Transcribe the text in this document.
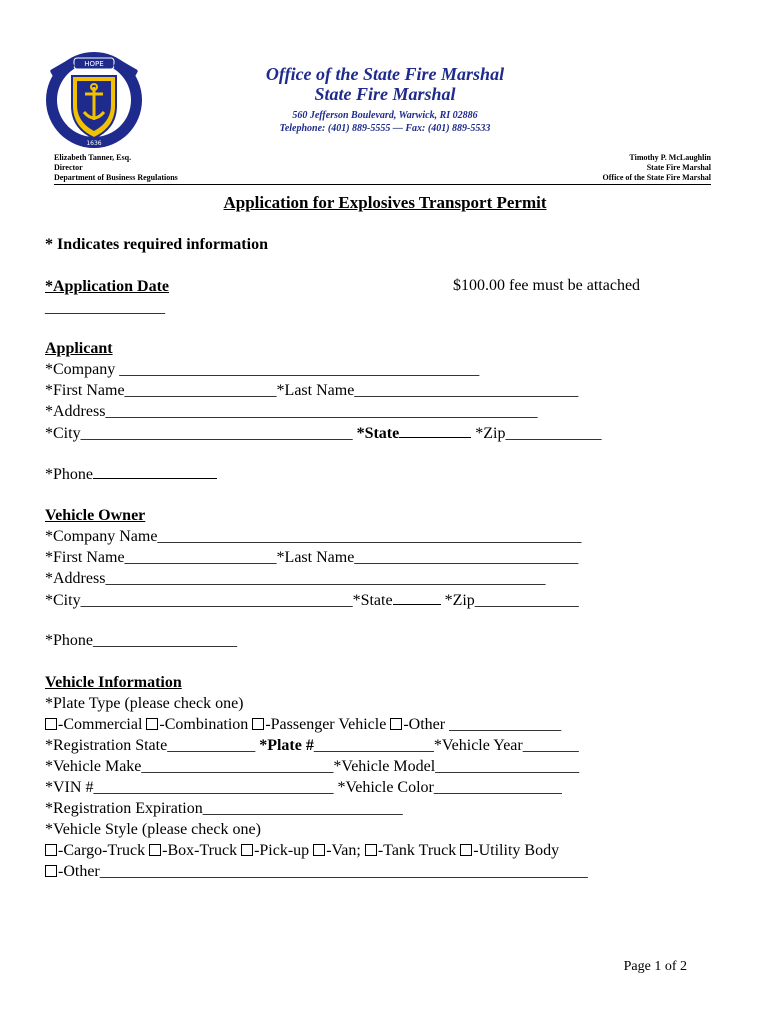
HOPE
1636
Office of the State Fire Marshal
State Fire Marshal
560 Jefferson Boulevard, Warwick, RI 02886
Telephone: (401) 889-5555 — Fax: (401) 889-5533
Elizabeth Tanner, Esq.
Director
Department of Business Regulations
Timothy P. McLaughlin
State Fire Marshal
Office of the State Fire Marshal
Application for Explosives Transport Permit
* Indicates required information
*Application Date	$100.00 fee must be attached
_______________
Applicant
*Company _____________________________________________
*First Name___________________*Last Name____________________________
*Address______________________________________________________
*City__________________________________ *State	*Zip____________
*Phone
Vehicle Owner
*Company Name_____________________________________________________
*First Name___________________*Last Name____________________________
*Address_______________________________________________________
*City__________________________________*State	*Zip_____________
*Phone__________________
Vehicle Information
*Plate Type (please check one)
-Commercial -Combination -Passenger Vehicle -Other ______________
*Registration State___________ *Plate #_______________*Vehicle Year_______
*Vehicle Make________________________*Vehicle Model__________________
*VIN #______________________________ *Vehicle Color________________
*Registration Expiration_________________________
*Vehicle Style (please check one)
-Cargo-Truck -Box-Truck -Pick-up -Van; -Tank Truck -Utility Body
-Other_____________________________________________________________
Page 1 of 2
